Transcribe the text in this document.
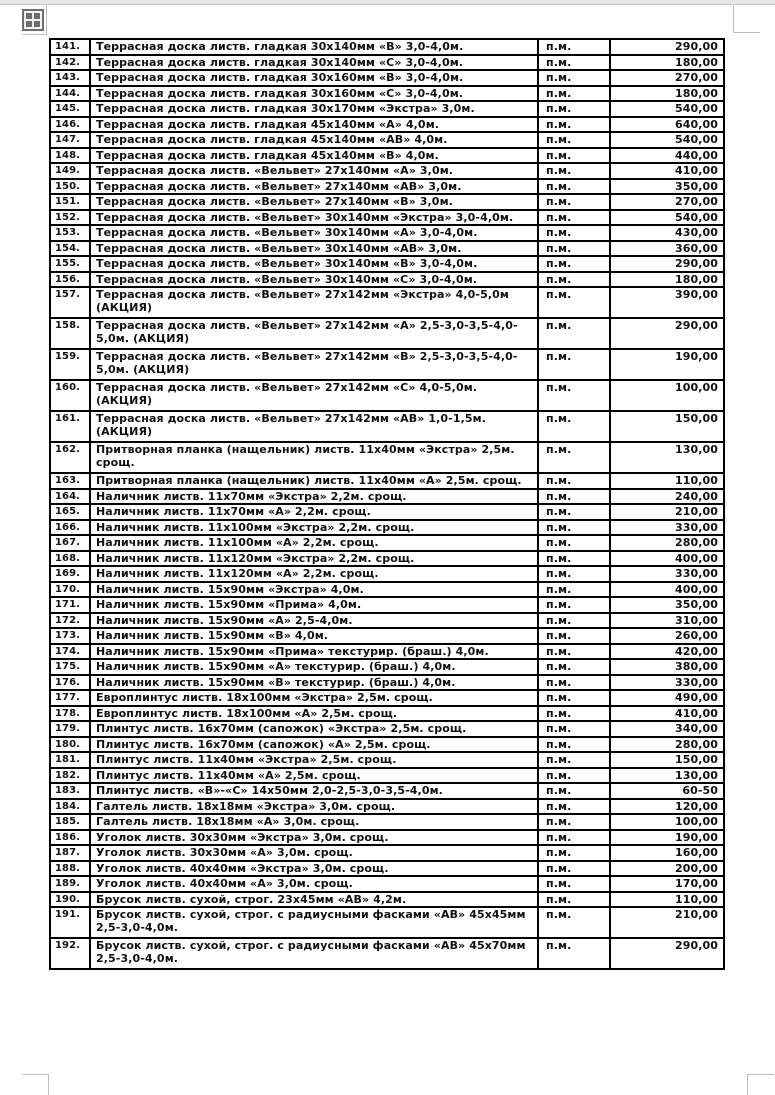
141.	Террасная доска листв. гладкая 30х140мм «В» 3,0-4,0м.	п.м.	290,00
142.	Террасная доска листв. гладкая 30х140мм «С» 3,0-4,0м.	п.м.	180,00
143.	Террасная доска листв. гладкая 30х160мм «В» 3,0-4,0м.	п.м.	270,00
144.	Террасная доска листв. гладкая 30х160мм «С» 3,0-4,0м.	п.м.	180,00
145.	Террасная доска листв. гладкая 30х170мм «Экстра» 3,0м.	п.м.	540,00
146.	Террасная доска листв. гладкая 45х140мм «А» 4,0м.	п.м.	640,00
147.	Террасная доска листв. гладкая 45х140мм «АВ» 4,0м.	п.м.	540,00
148.	Террасная доска листв. гладкая 45х140мм «В» 4,0м.	п.м.	440,00
149.	Террасная доска листв. «Вельвет» 27х140мм «А» 3,0м.	п.м.	410,00
150.	Террасная доска листв. «Вельвет» 27х140мм «АВ» 3,0м.	п.м.	350,00
151.	Террасная доска листв. «Вельвет» 27х140мм «В» 3,0м.	п.м.	270,00
152.	Террасная доска листв. «Вельвет» 30х140мм «Экстра» 3,0-4,0м.	п.м.	540,00
153.	Террасная доска листв. «Вельвет» 30х140мм «А» 3,0-4,0м.	п.м.	430,00
154.	Террасная доска листв. «Вельвет» 30х140мм «АВ» 3,0м.	п.м.	360,00
155.	Террасная доска листв. «Вельвет» 30х140мм «В» 3,0-4,0м.	п.м.	290,00
156.	Террасная доска листв. «Вельвет» 30х140мм «С» 3,0-4,0м.	п.м.	180,00
157.	Террасная доска листв. «Вельвет» 27х142мм «Экстра» 4,0-5,0м (АКЦИЯ)	п.м.	390,00
158.	Террасная доска листв. «Вельвет» 27х142мм «А» 2,5-3,0-3,5-4,0-5,0м. (АКЦИЯ)	п.м.	290,00
159.	Террасная доска листв. «Вельвет» 27х142мм «В» 2,5-3,0-3,5-4,0-5,0м. (АКЦИЯ)	п.м.	190,00
160.	Террасная доска листв. «Вельвет» 27х142мм «С» 4,0-5,0м. (АКЦИЯ)	п.м.	100,00
161.	Террасная доска листв. «Вельвет» 27х142мм «АВ» 1,0-1,5м. (АКЦИЯ)	п.м.	150,00
162.	Притворная планка (нащельник) листв. 11х40мм «Экстра» 2,5м. срощ.	п.м.	130,00
163.	Притворная планка (нащельник) листв. 11х40мм «А» 2,5м. срощ.	п.м.	110,00
164.	Наличник листв. 11х70мм «Экстра» 2,2м. срощ.	п.м.	240,00
165.	Наличник листв. 11х70мм «А» 2,2м. срощ.	п.м.	210,00
166.	Наличник листв. 11х100мм «Экстра» 2,2м. срощ.	п.м.	330,00
167.	Наличник листв. 11х100мм «А» 2,2м. срощ.	п.м.	280,00
168.	Наличник листв. 11х120мм «Экстра» 2,2м. срощ.	п.м.	400,00
169.	Наличник листв. 11х120мм «А» 2,2м. срощ.	п.м.	330,00
170.	Наличник листв. 15х90мм «Экстра» 4,0м.	п.м.	400,00
171.	Наличник листв. 15х90мм «Прима» 4,0м.	п.м.	350,00
172.	Наличник листв. 15х90мм «А» 2,5-4,0м.	п.м.	310,00
173.	Наличник листв. 15х90мм «В» 4,0м.	п.м.	260,00
174.	Наличник листв. 15х90мм «Прима» текстурир. (браш.) 4,0м.	п.м.	420,00
175.	Наличник листв. 15х90мм «А» текстурир. (браш.) 4,0м.	п.м.	380,00
176.	Наличник листв. 15х90мм «В» текстурир. (браш.) 4,0м.	п.м.	330,00
177.	Европлинтус листв. 18х100мм «Экстра» 2,5м. срощ.	п.м.	490,00
178.	Европлинтус листв. 18х100мм «А» 2,5м. срощ.	п.м.	410,00
179.	Плинтус листв. 16х70мм (сапожок) «Экстра» 2,5м. срощ.	п.м.	340,00
180.	Плинтус листв. 16х70мм (сапожок) «А» 2,5м. срощ.	п.м.	280,00
181.	Плинтус листв. 11х40мм «Экстра» 2,5м. срощ.	п.м.	150,00
182.	Плинтус листв. 11х40мм «А» 2,5м. срощ.	п.м.	130,00
183.	Плинтус листв. «В»-«С» 14х50мм 2,0-2,5-3,0-3,5-4,0м.	п.м.	60-50
184.	Галтель листв. 18х18мм «Экстра» 3,0м. срощ.	п.м.	120,00
185.	Галтель листв. 18х18мм «А» 3,0м. срощ.	п.м.	100,00
186.	Уголок листв. 30х30мм «Экстра» 3,0м. срощ.	п.м.	190,00
187.	Уголок листв. 30х30мм «А» 3,0м. срощ.	п.м.	160,00
188.	Уголок листв. 40х40мм «Экстра» 3,0м. срощ.	п.м.	200,00
189.	Уголок листв. 40х40мм «А» 3,0м. срощ.	п.м.	170,00
190.	Брусок листв. сухой, строг. 23х45мм «АВ» 4,2м.	п.м.	110,00
191.	Брусок листв. сухой, строг. с радиусными фасками «АВ» 45х45мм 2,5-3,0-4,0м.	п.м.	210,00
192.	Брусок листв. сухой, строг. с радиусными фасками «АВ» 45х70мм 2,5-3,0-4,0м.	п.м.	290,00
